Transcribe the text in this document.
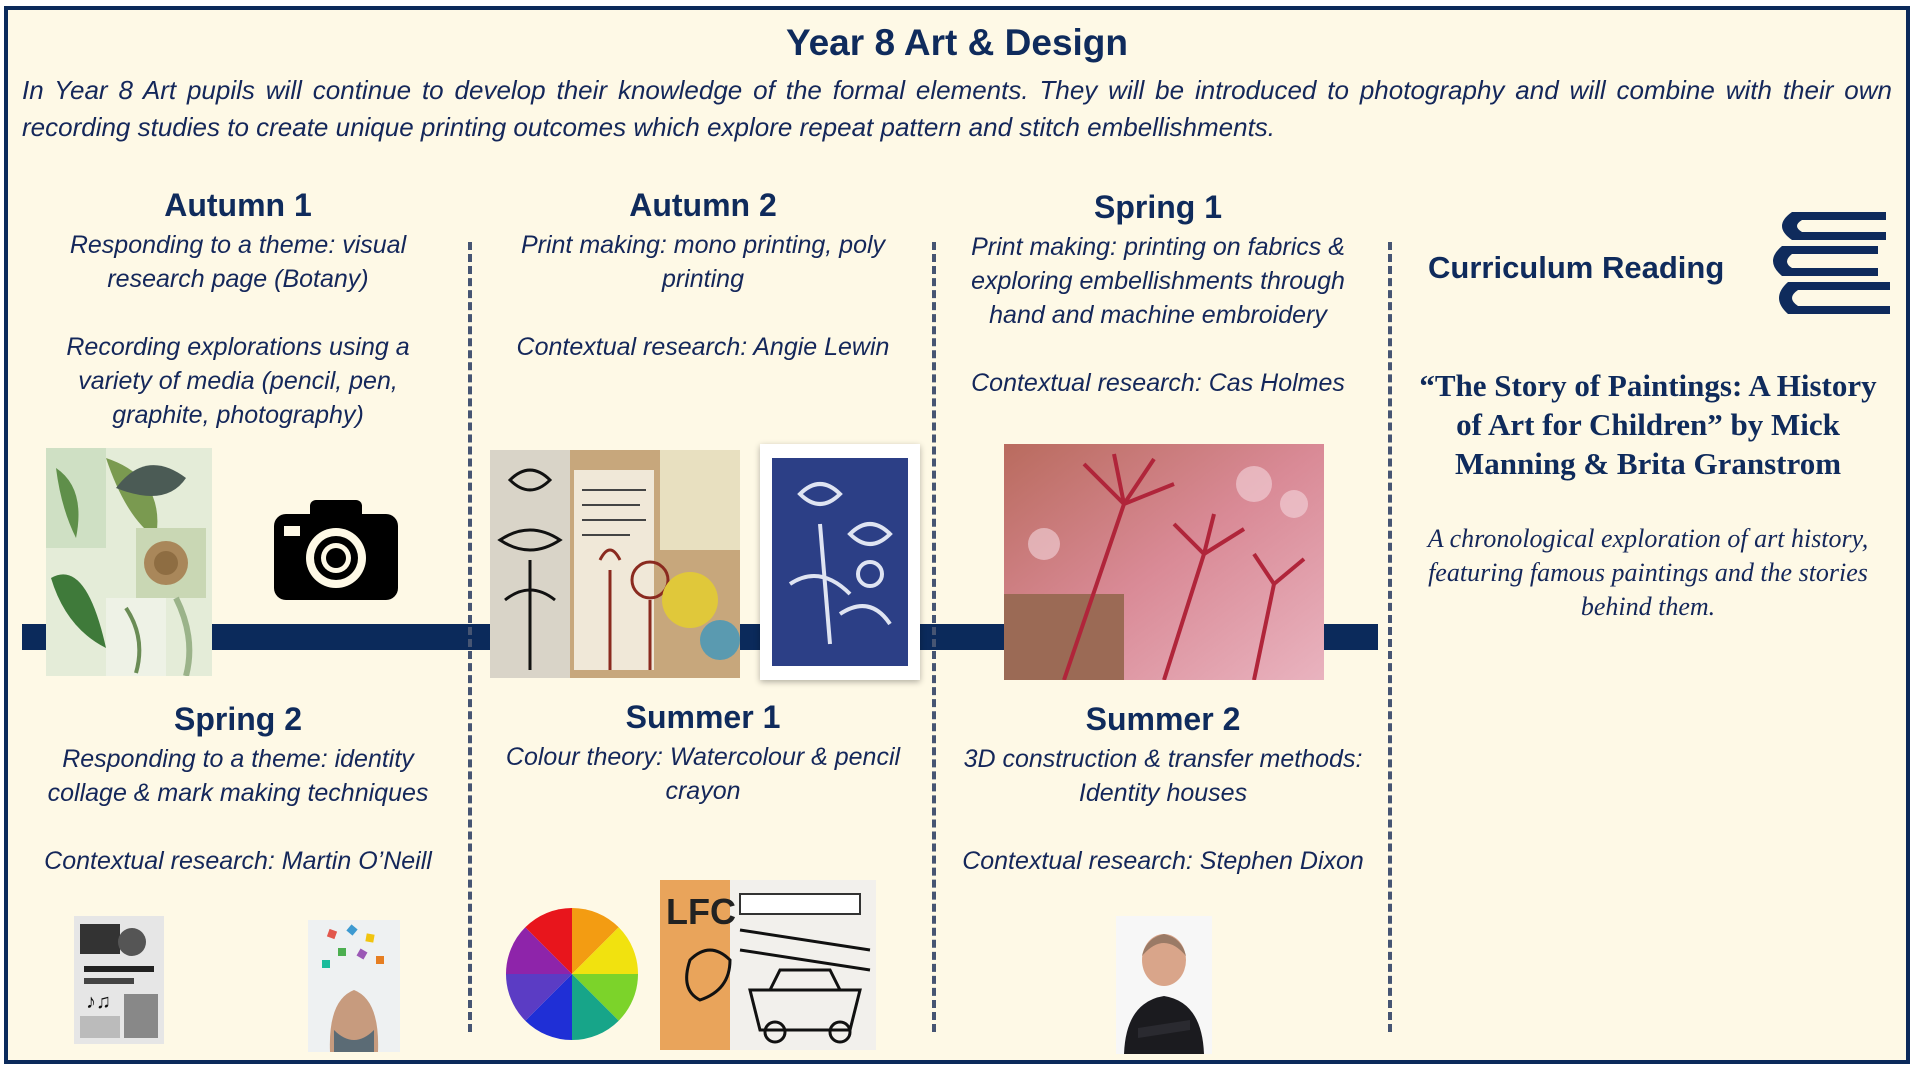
Year 8 Art & Design
In Year 8 Art pupils will continue to develop their knowledge of the formal elements. They will be introduced to photography and will combine with their own recording studies to create unique printing outcomes which explore repeat pattern and stitch embellishments.
Autumn 1

Responding to a theme: visual research page (Botany)

Recording explorations using a variety of media (pencil, pen, graphite, photography)

Autumn 2

Print making: mono printing, poly printing

Contextual research: Angie Lewin

Spring 1

Print making: printing on fabrics & exploring embellishments through hand and machine embroidery

Contextual research: Cas Holmes

Spring 2

Responding to a theme: identity collage & mark making techniques

Contextual research: Martin O’Neill

Summer 1

Colour theory: Watercolour & pencil crayon

Summer 2

3D construction & transfer methods: Identity houses

Contextual research: Stephen Dixon

♪♫
LFC
Curriculum Reading
“The Story of Paintings: A History of Art for Children” by Mick Manning & Brita Granstrom
A chronological exploration of art history, featuring famous paintings and the stories behind them.
